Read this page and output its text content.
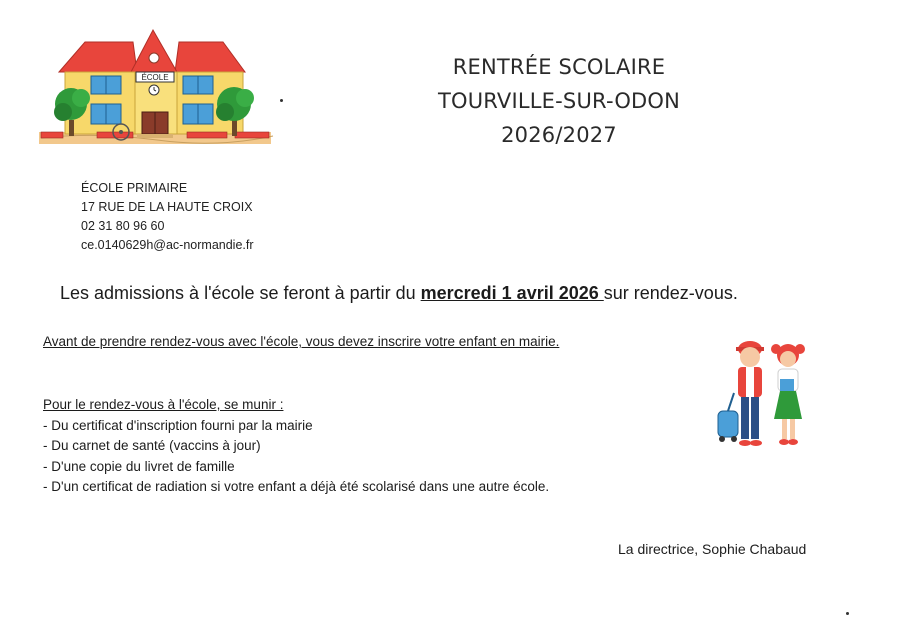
ÉCOLE	RENTRÉE SCOLAIRE
TOURVILLE-SUR-ODON
2026/2027
ÉCOLE PRIMAIRE
17 RUE DE LA HAUTE CROIX
02 31 80 96 60
ce.0140629h@ac-normandie.fr
Les admissions à l'école se feront à partir du mercredi 1 avril 2026 sur rendez-vous.
Avant de prendre rendez-vous avec l'école, vous devez inscrire votre enfant en mairie.
Pour le rendez-vous à l'école, se munir :
- Du certificat d'inscription fourni par la mairie
- Du carnet de santé (vaccins à jour)
- D'une copie du livret de famille
- D'un certificat de radiation si votre enfant a déjà été scolarisé dans une autre école.
La directrice, Sophie Chabaud
